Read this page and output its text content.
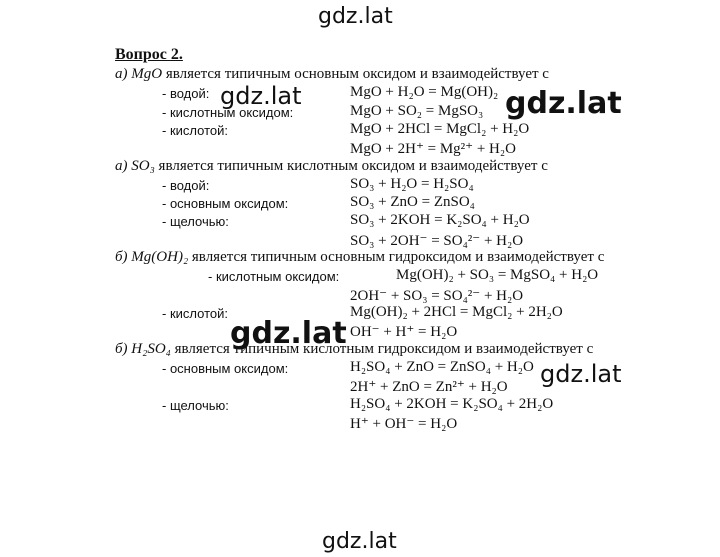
Вопрос 2.
а) MgO является типичным основным оксидом и взаимодействует с
- водой:	MgO + H₂O = Mg(OH)₂
- кислотным оксидом:	MgO + SO₂ = MgSO₃
- кислотой:	MgO + 2HCl = MgCl₂ + H₂O
MgO + 2H⁺ = Mg²⁺ + H₂O
а) SO₃ является типичным кислотным оксидом и взаимодействует с
- водой:	SO₃ + H₂O = H₂SO₄
- основным оксидом:	SO₃ + ZnO = ZnSO₄
- щелочью:	SO₃ + 2KOH = K₂SO₄ + H₂O
SO₃ + 2OH⁻ = SO₄²⁻ + H₂O
б) Mg(OH)₂ является типичным основным гидроксидом и взаимодействует с
- кислотным оксидом:	Mg(OH)₂ + SO₃ = MgSO₄ + H₂O
2OH⁻ + SO₃ = SO₄²⁻ + H₂O
- кислотой:	Mg(OH)₂ + 2HCl = MgCl₂ + 2H₂O
OH⁻ + H⁺ = H₂O
б) H₂SO₄ является типичным кислотным гидроксидом и взаимодействует с
- основным оксидом:	H₂SO₄ + ZnO = ZnSO₄ + H₂O
2H⁺ + ZnO = Zn²⁺ + H₂O
- щелочью:	H₂SO₄ + 2KOH = K₂SO₄ + 2H₂O
H⁺ + OH⁻ = H₂O
gdz.lat
gdz.lat	gdz.lat
gdz.lat
gdz.lat
gdz.lat
